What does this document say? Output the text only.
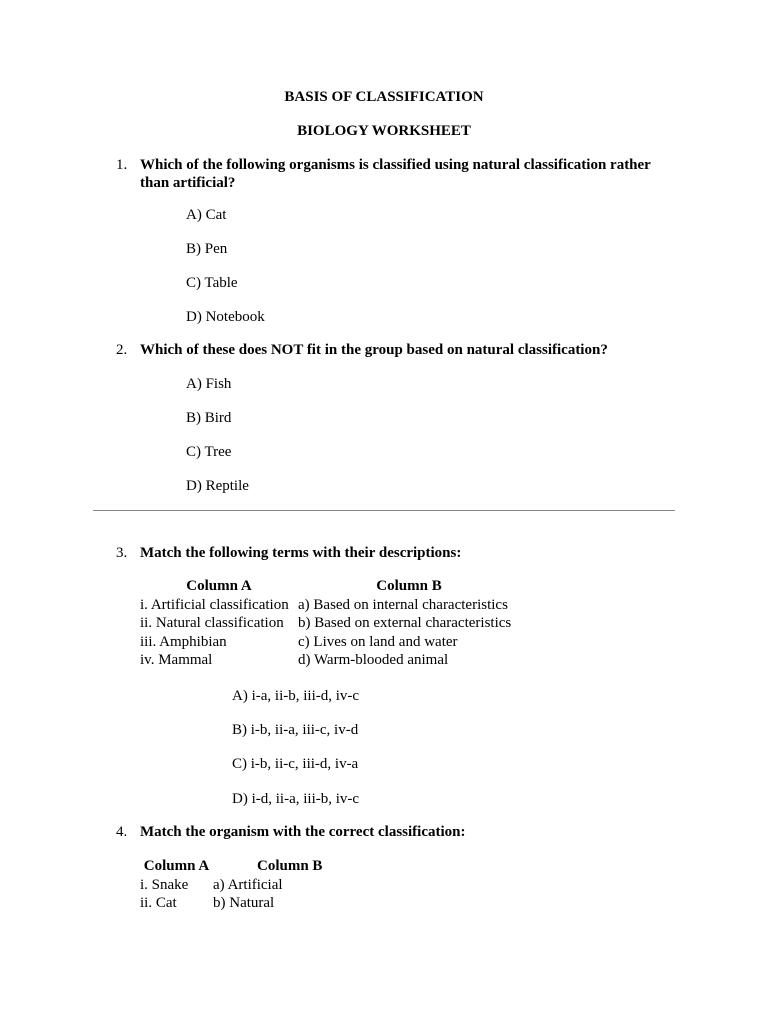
BASIS OF CLASSIFICATION
BIOLOGY WORKSHEET
1. Which of the following organisms is classified using natural classification rather than artificial?
A) Cat
B) Pen
C) Table
D) Notebook
2. Which of these does NOT fit in the group based on natural classification?
A) Fish
B) Bird
C) Tree
D) Reptile
3. Match the following terms with their descriptions:
Column A	Column B
i. Artificial classification	a) Based on internal characteristics
ii. Natural classification	b) Based on external characteristics
iii. Amphibian	c) Lives on land and water
iv. Mammal	d) Warm-blooded animal
A) i-a, ii-b, iii-d, iv-c
B) i-b, ii-a, iii-c, iv-d
C) i-b, ii-c, iii-d, iv-a
D) i-d, ii-a, iii-b, iv-c
4. Match the organism with the correct classification:
Column A	Column B
i. Snake	a) Artificial
ii. Cat	b) Natural
